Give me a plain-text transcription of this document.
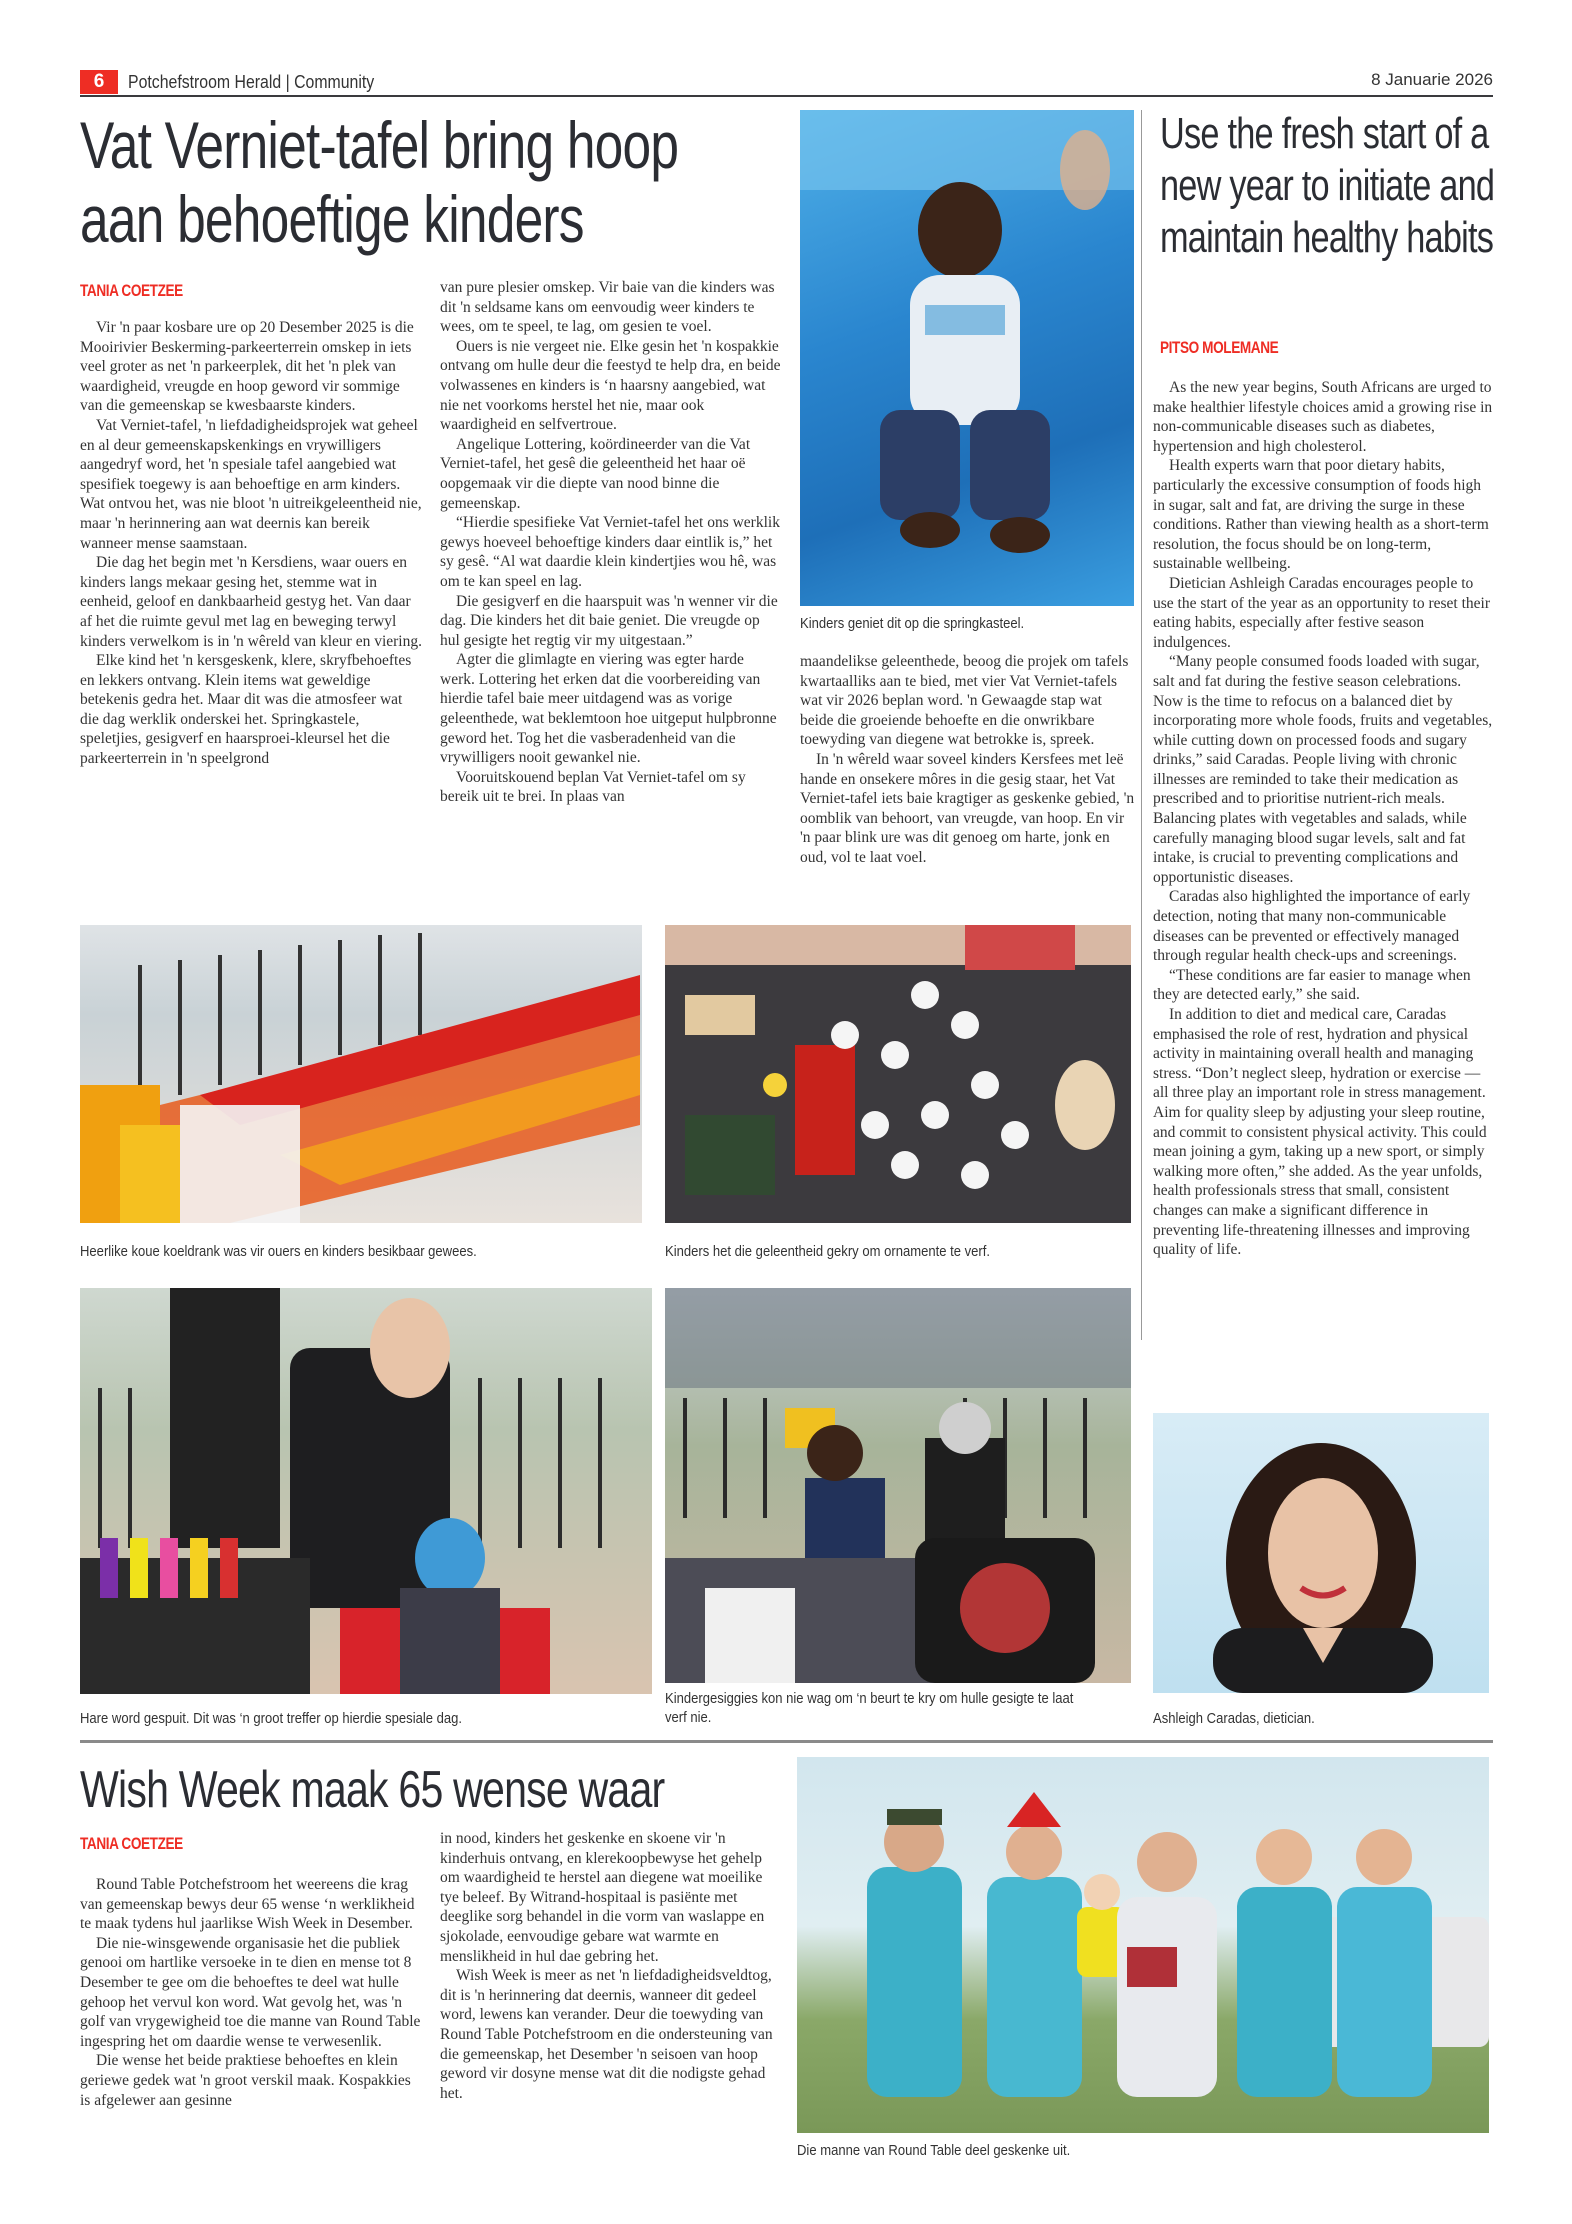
6	Potchefstroom Herald | Community	8 Januarie 2026
Vat Verniet-tafel bring hoop
aan behoeftige kinders
TANIA COETZEE

Vir 'n paar kosbare ure op 20 Desember 2025 is die Mooirivier Beskerming-parkeerterrein omskep in iets veel groter as net 'n parkeerplek, dit het 'n plek van waardigheid, vreugde en hoop geword vir sommige van die gemeenskap se kwesbaarste kinders.

Vat Verniet-tafel, 'n liefdadigheidsprojek wat geheel en al deur gemeenskapskenkings en vrywilligers aangedryf word, het 'n spesiale tafel aangebied wat spesifiek toegewy is aan behoeftige en arm kinders. Wat ontvou het, was nie bloot 'n uitreikgeleentheid nie, maar 'n herinnering aan wat deernis kan bereik wanneer mense saamstaan.

Die dag het begin met 'n Kersdiens, waar ouers en kinders langs mekaar gesing het, stemme wat in eenheid, geloof en dankbaarheid gestyg het. Van daar af het die ruimte gevul met lag en beweging terwyl kinders verwelkom is in 'n wêreld van kleur en viering.

Elke kind het 'n kersgeskenk, klere, skryfbehoeftes en lekkers ontvang. Klein items wat geweldige betekenis gedra het. Maar dit was die atmosfeer wat die dag werklik onderskei het. Springkastele, speletjies, gesigverf en haarsproei-kleursel het die parkeerterrein in 'n speelgrond

van pure plesier omskep. Vir baie van die kinders was dit 'n seldsame kans om eenvoudig weer kinders te wees, om te speel, te lag, om gesien te voel.

Ouers is nie vergeet nie. Elke gesin het 'n kospakkie ontvang om hulle deur die feestyd te help dra, en beide volwassenes en kinders is ‘n haarsny aangebied, wat nie net voorkoms herstel het nie, maar ook waardigheid en selfvertroue.

Angelique Lottering, koördineerder van die Vat Verniet-tafel, het gesê die geleentheid het haar oë oopgemaak vir die diepte van nood binne die gemeenskap.

“Hierdie spesifieke Vat Verniet-tafel het ons werklik gewys hoeveel behoeftige kinders daar eintlik is,” het sy gesê. “Al wat daardie klein kindertjies wou hê, was om te kan speel en lag.

Die gesigverf en die haarspuit was 'n wenner vir die dag. Die kinders het dit baie geniet. Die vreugde op hul gesigte het regtig vir my uitgestaan.”

Agter die glimlagte en viering was egter harde werk. Lottering het erken dat die voorbereiding van hierdie tafel baie meer uitdagend was as vorige geleenthede, wat beklemtoon hoe uitgeput hulpbronne geword het. Tog het die vasberadenheid van die vrywilligers nooit gewankel nie.

Vooruitskouend beplan Vat Verniet-tafel om sy bereik uit te brei. In plaas van

Kinders geniet dit op die springkasteel.

maandelikse geleenthede, beoog die projek om tafels kwartaalliks aan te bied, met vier Vat Verniet-tafels wat vir 2026 beplan word. 'n Gewaagde stap wat beide die groeiende behoefte en die onwrikbare toewyding van diegene wat betrokke is, spreek.

In 'n wêreld waar soveel kinders Kersfees met leë hande en onsekere môres in die gesig staar, het Vat Verniet-tafel iets baie kragtiger as geskenke gebied, 'n oomblik van behoort, van vreugde, van hoop. En vir 'n paar blink ure was dit genoeg om harte, jonk en oud, vol te laat voel.

Heerlike koue koeldrank was vir ouers en kinders besikbaar gewees.	Kinders het die geleentheid gekry om ornamente te verf.
Hare word gespuit. Dit was ‘n groot treffer op hierdie spesiale dag.
Kindergesiggies kon nie wag om ‘n beurt te kry om hulle gesigte te laat verf nie.
Use the fresh start of a new year to initiate and maintain healthy habits
PITSO MOLEMANE

As the new year begins, South Africans are urged to make healthier lifestyle choices amid a growing rise in non-communicable diseases such as diabetes, hypertension and high cholesterol.

Health experts warn that poor dietary habits, particularly the excessive consumption of foods high in sugar, salt and fat, are driving the surge in these conditions. Rather than viewing health as a short-term resolution, the focus should be on long-term, sustainable wellbeing.

Dietician Ashleigh Caradas encourages people to use the start of the year as an opportunity to reset their eating habits, especially after festive season indulgences.

“Many people consumed foods loaded with sugar, salt and fat during the festive season celebrations. Now is the time to refocus on a balanced diet by incorporating more whole foods, fruits and vegetables, while cutting down on processed foods and sugary drinks,” said Caradas. People living with chronic illnesses are reminded to take their medication as prescribed and to prioritise nutrient-rich meals. Balancing plates with vegetables and salads, while carefully managing blood sugar levels, salt and fat intake, is crucial to preventing complications and opportunistic diseases.

Caradas also highlighted the importance of early detection, noting that many non-communicable diseases can be prevented or effectively managed through regular health check-ups and screenings.

“These conditions are far easier to manage when they are detected early,” she said.

In addition to diet and medical care, Caradas emphasised the role of rest, hydration and physical activity in maintaining overall health and managing stress. “Don’t neglect sleep, hydration or exercise — all three play an important role in stress management. Aim for quality sleep by adjusting your sleep routine, and commit to consistent physical activity. This could mean joining a gym, taking up a new sport, or simply walking more often,” she added. As the year unfolds, health professionals stress that small, consistent changes can make a significant difference in preventing life-threatening illnesses and improving quality of life.

Ashleigh Caradas, dietician.
Wish Week maak 65 wense waar
TANIA COETZEE

Round Table Potchefstroom het weereens die krag van gemeenskap bewys deur 65 wense ‘n werklikheid te maak tydens hul jaarlikse Wish Week in Desember.

Die nie-winsgewende organisasie het die publiek genooi om hartlike versoeke in te dien en mense tot 8 Desember te gee om die behoeftes te deel wat hulle gehoop het vervul kon word. Wat gevolg het, was 'n golf van vrygewigheid toe die manne van Round Table ingespring het om daardie wense te verwesenlik.

Die wense het beide praktiese behoeftes en klein geriewe gedek wat 'n groot verskil maak. Kospakkies is afgelewer aan gesinne

in nood, kinders het geskenke en skoene vir 'n kinderhuis ontvang, en klerekoopbewyse het gehelp om waardigheid te herstel aan diegene wat moeilike tye beleef. By Witrand-hospitaal is pasiënte met deeglike sorg behandel in die vorm van waslappe en sjokolade, eenvoudige gebare wat warmte en menslikheid in hul dae gebring het.

Wish Week is meer as net 'n liefdadigheidsveldtog, dit is 'n herinnering dat deernis, wanneer dit gedeel word, lewens kan verander. Deur die toewyding van Round Table Potchefstroom en die ondersteuning van die gemeenskap, het Desember 'n seisoen van hoop geword vir dosyne mense wat dit die nodigste gehad het.

Die manne van Round Table deel geskenke uit.
